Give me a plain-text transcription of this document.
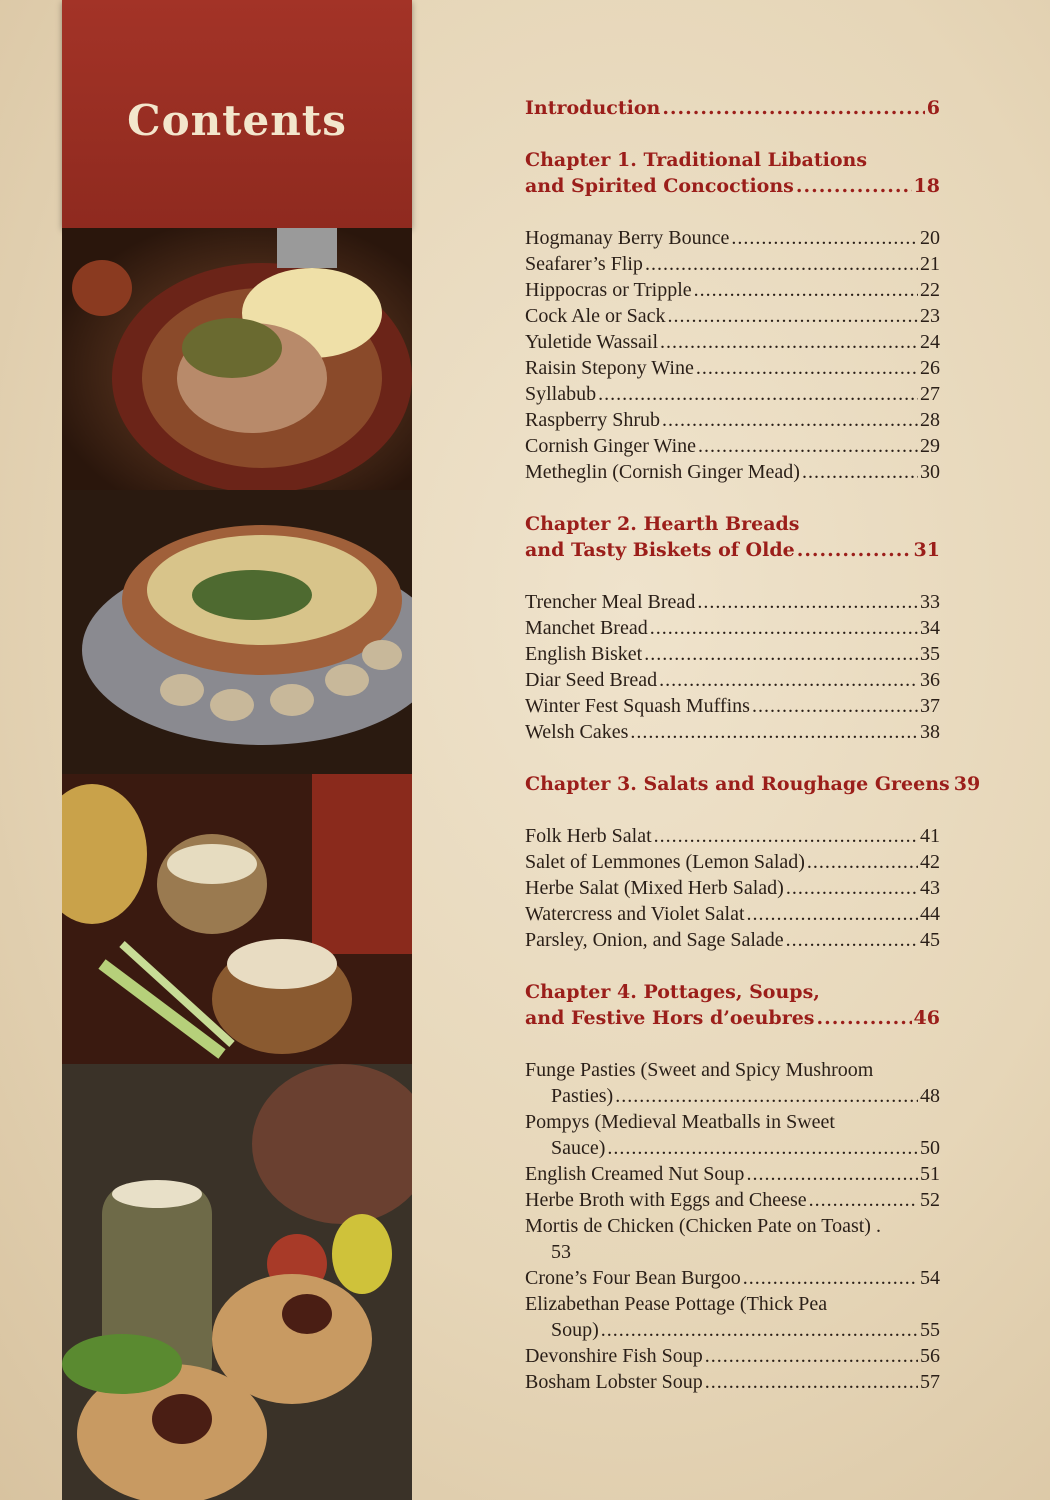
Contents	Introduction .....	6
Chapter 1. Traditional Libations
and Spirited Concoctions .....	18
Hogmanay Berry Bounce .....	20
Seafarer’s Flip .....	21
Hippocras or Tripple .....	22
Cock Ale or Sack .....	23
Yuletide Wassail .....	24
Raisin Stepony Wine .....	26
Syllabub .....	27
Raspberry Shrub .....	28
Cornish Ginger Wine .....	29
Metheglin (Cornish Ginger Mead) .....	30
Chapter 2. Hearth Breads
and Tasty Biskets of Olde .....	31
Trencher Meal Bread .....	33
Manchet Bread .....	34
English Bisket .....	35
Diar Seed Bread .....	36
Winter Fest Squash Muffins .....	37
Welsh Cakes .....	38
Chapter 3. Salats and Roughage Greens 39
Folk Herb Salat .....	41
Salet of Lemmones (Lemon Salad) .....	42
Herbe Salat (Mixed Herb Salad) .....	43
Watercress and Violet Salat .....	44
Parsley, Onion, and Sage Salade .....	45
Chapter 4. Pottages, Soups,
and Festive Hors d’oeubres .....	46
Funge Pasties (Sweet and Spicy Mushroom
Pasties) .....	48
Pompys (Medieval Meatballs in Sweet
Sauce) .....	50
English Creamed Nut Soup .....	51
Herbe Broth with Eggs and Cheese .....	52
Mortis de Chicken (Chicken Pate on Toast) .
53
Crone’s Four Bean Burgoo .....	54
Elizabethan Pease Pottage (Thick Pea
Soup) .....	55
Devonshire Fish Soup .....	56
Bosham Lobster Soup .....	57
